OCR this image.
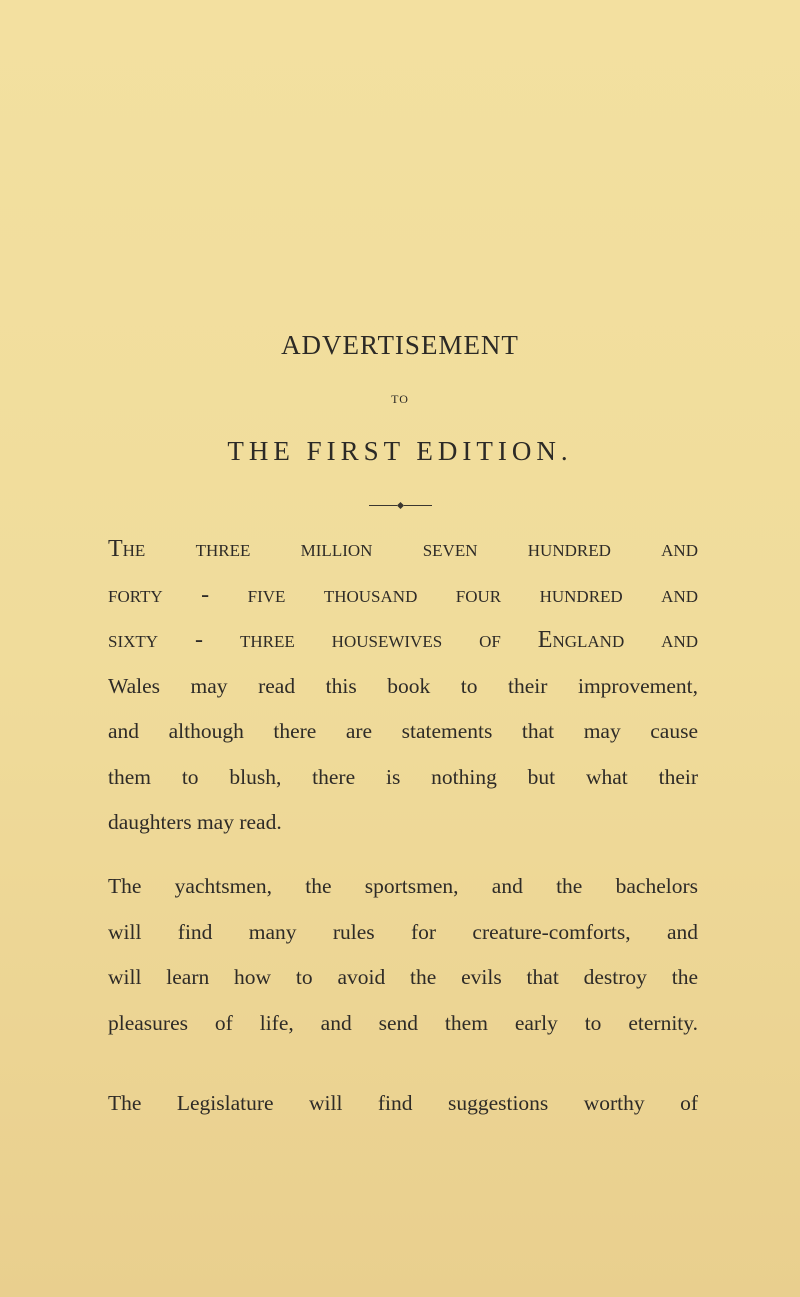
ADVERTISEMENT
TO
THE FIRST EDITION.
The three million seven hundred and
forty - five thousand four hundred and
sixty - three housewives of England and
Wales may read this book to their improvement,
and although there are statements that may cause
them to blush, there is nothing but what their
daughters may read.
The yachtsmen, the sportsmen, and the bachelors
will find many rules for creature-comforts, and
will learn how to avoid the evils that destroy the
pleasures of life, and send them early to eternity.
The Legislature will find suggestions worthy of
